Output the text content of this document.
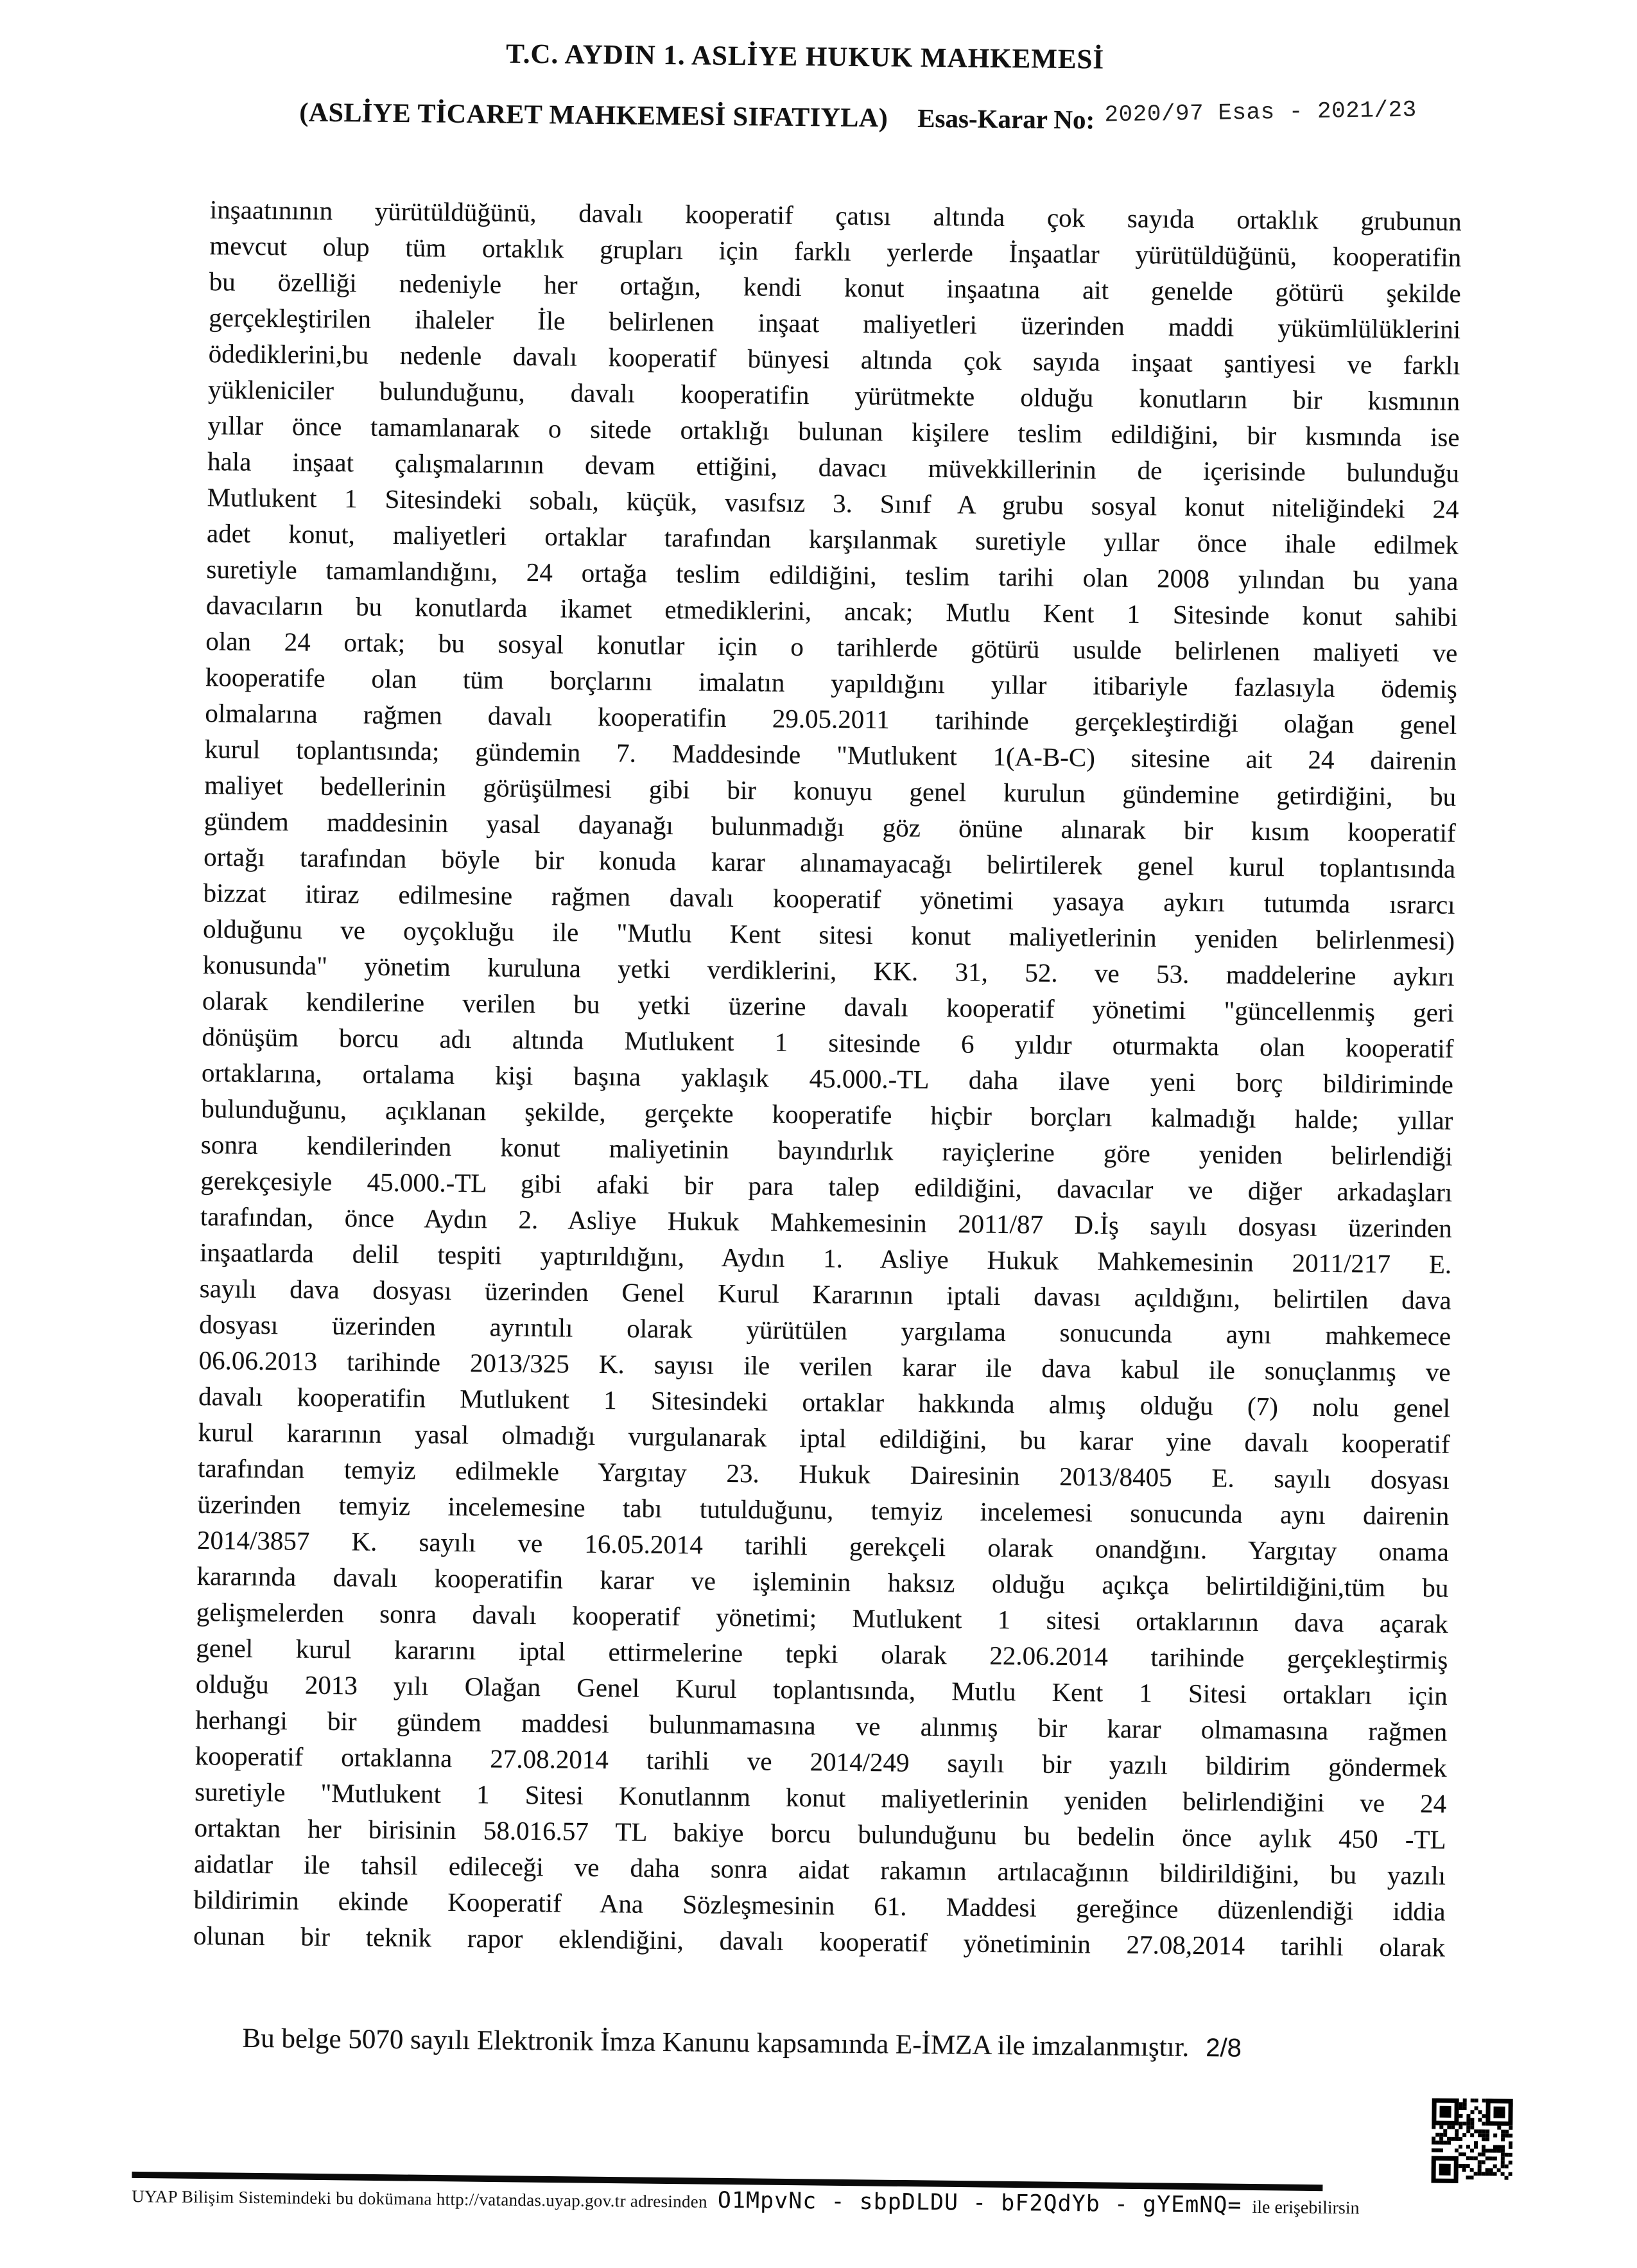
T.C. AYDIN 1. ASLİYE HUKUK MAHKEMESİ
(ASLİYE TİCARET MAHKEMESİ SIFATIYLA) Esas-Karar No: 2020/97 Esas - 2021/23
inşaatınının yürütüldüğünü, davalı kooperatif çatısı altında çok sayıda ortaklık grubunun
mevcut olup tüm ortaklık grupları için farklı yerlerde İnşaatlar yürütüldüğünü, kooperatifin
bu özelliği nedeniyle her ortağın, kendi konut inşaatına ait genelde götürü şekilde
gerçekleştirilen ihaleler İle belirlenen inşaat maliyetleri üzerinden maddi yükümlülüklerini
ödediklerini,bu nedenle davalı kooperatif bünyesi altında çok sayıda inşaat şantiyesi ve farklı
yükleniciler bulunduğunu, davalı kooperatifin yürütmekte olduğu konutların bir kısmının
yıllar önce tamamlanarak o sitede ortaklığı bulunan kişilere teslim edildiğini, bir kısmında ise
hala inşaat çalışmalarının devam ettiğini, davacı müvekkillerinin de içerisinde bulunduğu
Mutlukent 1 Sitesindeki sobalı, küçük, vasıfsız 3. Sınıf A grubu sosyal konut niteliğindeki 24
adet konut, maliyetleri ortaklar tarafından karşılanmak suretiyle yıllar önce ihale edilmek
suretiyle tamamlandığını, 24 ortağa teslim edildiğini, teslim tarihi olan 2008 yılından bu yana
davacıların bu konutlarda ikamet etmediklerini, ancak; Mutlu Kent 1 Sitesinde konut sahibi
olan 24 ortak; bu sosyal konutlar için o tarihlerde götürü usulde belirlenen maliyeti ve
kooperatife olan tüm borçlarını imalatın yapıldığını yıllar itibariyle fazlasıyla ödemiş
olmalarına rağmen davalı kooperatifin 29.05.2011 tarihinde gerçekleştirdiği olağan genel
kurul toplantısında; gündemin 7. Maddesinde "Mutlukent 1(A-B-C) sitesine ait 24 dairenin
maliyet bedellerinin görüşülmesi gibi bir konuyu genel kurulun gündemine getirdiğini, bu
gündem maddesinin yasal dayanağı bulunmadığı göz önüne alınarak bir kısım kooperatif
ortağı tarafından böyle bir konuda karar alınamayacağı belirtilerek genel kurul toplantısında
bizzat itiraz edilmesine rağmen davalı kooperatif yönetimi yasaya aykırı tutumda ısrarcı
olduğunu ve oyçokluğu ile "Mutlu Kent sitesi konut maliyetlerinin yeniden belirlenmesi)
konusunda" yönetim kuruluna yetki verdiklerini, KK. 31, 52. ve 53. maddelerine aykırı
olarak kendilerine verilen bu yetki üzerine davalı kooperatif yönetimi "güncellenmiş geri
dönüşüm borcu adı altında Mutlukent 1 sitesinde 6 yıldır oturmakta olan kooperatif
ortaklarına, ortalama kişi başına yaklaşık 45.000.-TL daha ilave yeni borç bildiriminde
bulunduğunu, açıklanan şekilde, gerçekte kooperatife hiçbir borçları kalmadığı halde; yıllar
sonra kendilerinden konut maliyetinin bayındırlık rayiçlerine göre yeniden belirlendiği
gerekçesiyle 45.000.-TL gibi afaki bir para talep edildiğini, davacılar ve diğer arkadaşları
tarafından, önce Aydın 2. Asliye Hukuk Mahkemesinin 2011/87 D.İş sayılı dosyası üzerinden
inşaatlarda delil tespiti yaptırıldığını, Aydın 1. Asliye Hukuk Mahkemesinin 2011/217 E.
sayılı dava dosyası üzerinden Genel Kurul Kararının iptali davası açıldığını, belirtilen dava
dosyası üzerinden ayrıntılı olarak yürütülen yargılama sonucunda aynı mahkemece
06.06.2013 tarihinde 2013/325 K. sayısı ile verilen karar ile dava kabul ile sonuçlanmış ve
davalı kooperatifin Mutlukent 1 Sitesindeki ortaklar hakkında almış olduğu (7) nolu genel
kurul kararının yasal olmadığı vurgulanarak iptal edildiğini, bu karar yine davalı kooperatif
tarafından temyiz edilmekle Yargıtay 23. Hukuk Dairesinin 2013/8405 E. sayılı dosyası
üzerinden temyiz incelemesine tabı tutulduğunu, temyiz incelemesi sonucunda aynı dairenin
2014/3857 K. sayılı ve 16.05.2014 tarihli gerekçeli olarak onandğını. Yargıtay onama
kararında davalı kooperatifin karar ve işleminin haksız olduğu açıkça belirtildiğini,tüm bu
gelişmelerden sonra davalı kooperatif yönetimi; Mutlukent 1 sitesi ortaklarının dava açarak
genel kurul kararını iptal ettirmelerine tepki olarak 22.06.2014 tarihinde gerçekleştirmiş
olduğu 2013 yılı Olağan Genel Kurul toplantısında, Mutlu Kent 1 Sitesi ortakları için
herhangi bir gündem maddesi bulunmamasına ve alınmış bir karar olmamasına rağmen
kooperatif ortaklanna 27.08.2014 tarihli ve 2014/249 sayılı bir yazılı bildirim göndermek
suretiyle "Mutlukent 1 Sitesi Konutlannm konut maliyetlerinin yeniden belirlendiğini ve 24
ortaktan her birisinin 58.016.57 TL bakiye borcu bulunduğunu bu bedelin önce aylık 450 -TL
aidatlar ile tahsil edileceği ve daha sonra aidat rakamın artılacağının bildirildiğini, bu yazılı
bildirimin ekinde Kooperatif Ana Sözleşmesinin 61. Maddesi gereğince düzenlendiği iddia
olunan bir teknik rapor eklendiğini, davalı kooperatif yönetiminin 27.08,2014 tarihli olarak
Bu belge 5070 sayılı Elektronik İmza Kanunu kapsamında E-İMZA ile imzalanmıştır. 2/8
UYAP Bilişim Sistemindeki bu dokümana http://vatandas.uyap.gov.tr adresinden O1MpvNc - sbpDLDU - bF2QdYb - gYEmNQ= ile erişebilirsin
